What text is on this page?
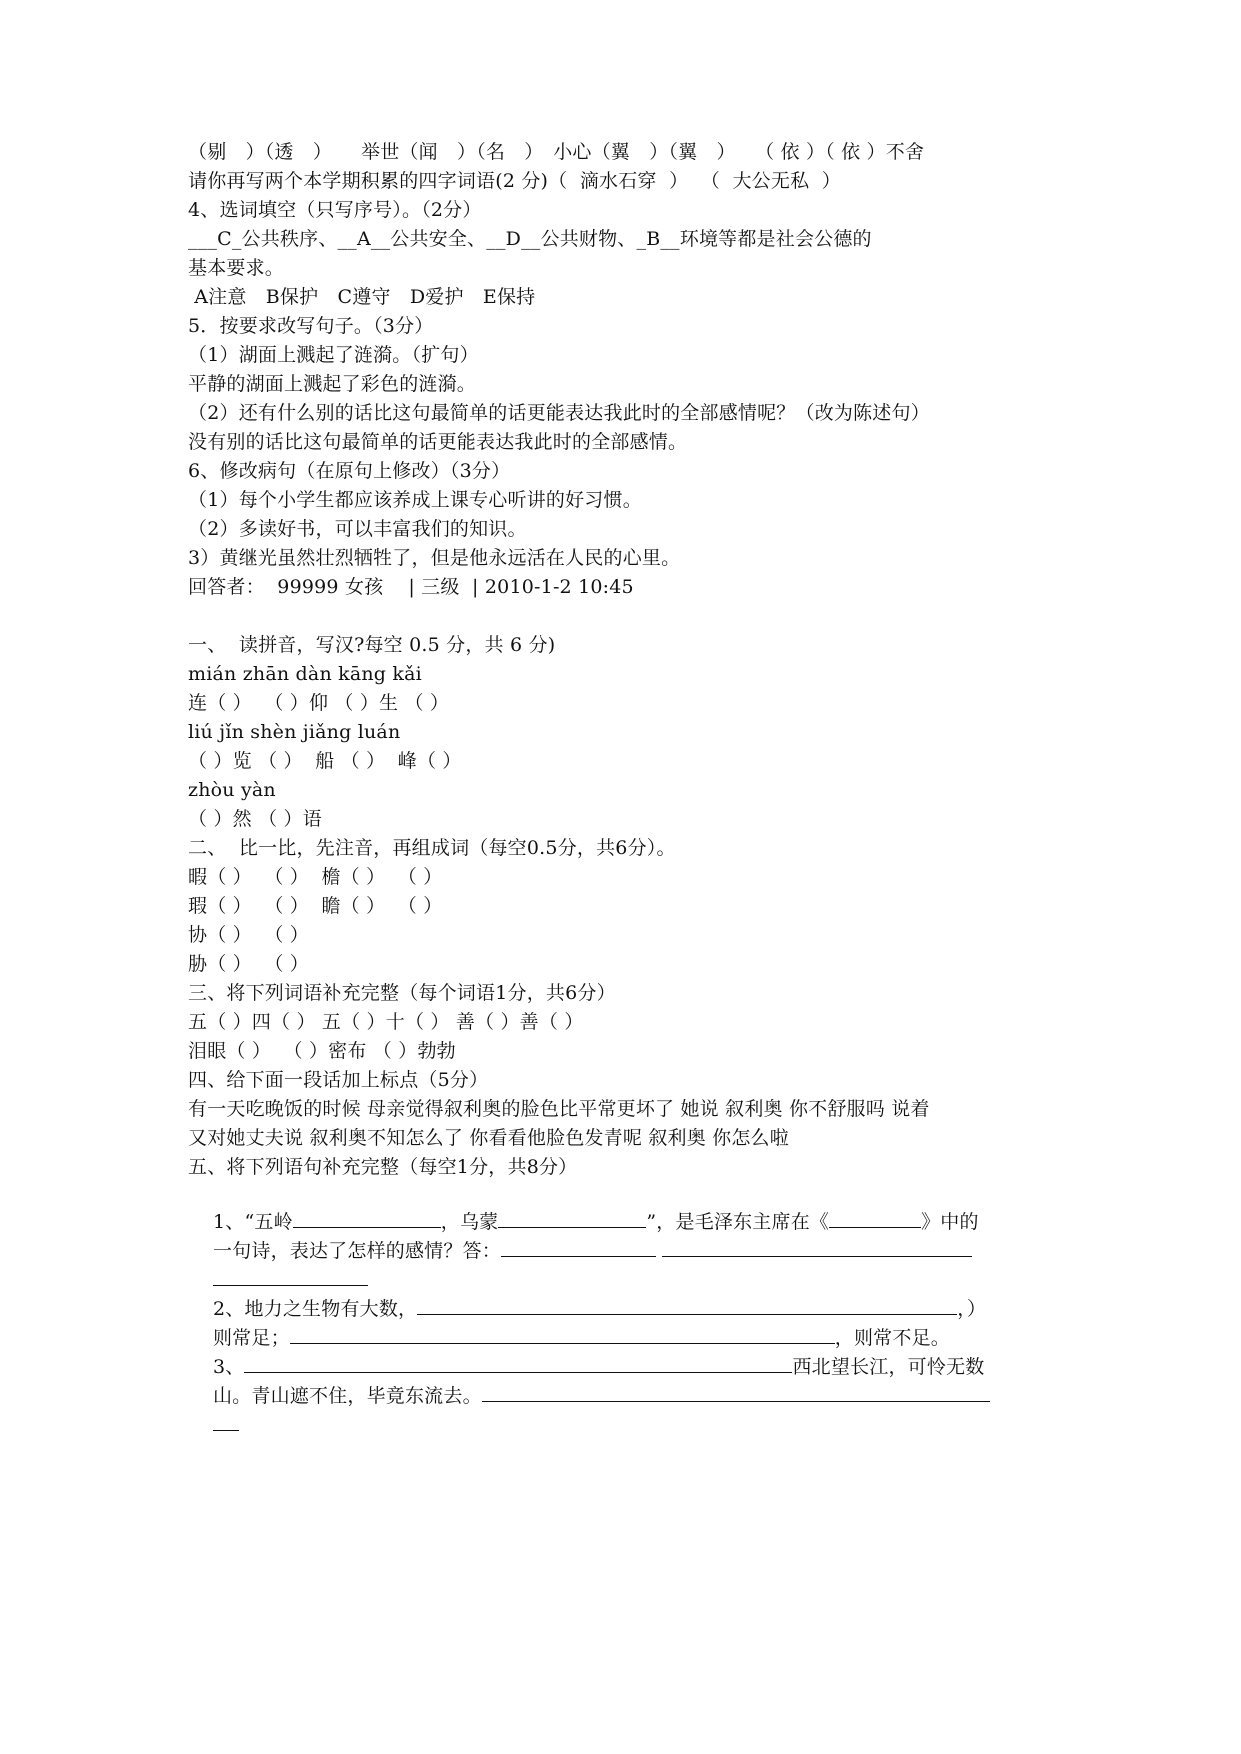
（剔　）（透　）　　举世（闻　）（名　）　小心（翼　）（翼　）　　（ 依 ）（ 依 ）不舍
请你再写两个本学期积累的四字词语(2 分)（  滴水石穿  ）  （  大公无私  ）
4、选词填空（只写序号）。（2分）
___C_公共秩序、__A__公共安全、__D__公共财物、_B__环境等都是社会公德的
基本要求。
A注意　B保护　C遵守　D爱护　E保持
5．按要求改写句子。（3分）
（1）湖面上溅起了涟漪。（扩句）
平静的湖面上溅起了彩色的涟漪。
（2）还有什么别的话比这句最简单的话更能表达我此时的全部感情呢？（改为陈述句）
没有别的话比这句最简单的话更能表达我此时的全部感情。
6、修改病句（在原句上修改）（3分）
（1）每个小学生都应该养成上课专心听讲的好习惯。
（2）多读好书，可以丰富我们的知识。
3）黄继光虽然壮烈牺牲了，但是他永远活在人民的心里。
回答者：  99999 女孩    | 三级  | 2010-1-2 10:45
一、  读拼音，写汉?每空 0.5 分，共 6 分)
mián zhān dàn kāng kǎi
连（ ）  （ ）仰 （ ）生 （ ）
liú jǐn shèn jiǎng luán
（ ）览 （ ）  船 （ ）  峰（ ）
zhòu yàn
（ ）然 （ ）语
二、  比一比，先注音，再组成词（每空0.5分，共6分）。
暇（ ）  （ ）  檐（ ）  （ ）
瑕（ ）  （ ）  瞻（ ）  （ ）
协（ ）  （ ）
胁（ ）  （ ）
三、将下列词语补充完整（每个词语1分，共6分）
五（ ）四（ ） 五（ ）十（ ） 善（ ）善（ ）
泪眼（ ）  （ ）密布 （ ）勃勃
四、给下面一段话加上标点（5分）
有一天吃晚饭的时候 母亲觉得叙利奥的脸色比平常更坏了 她说 叙利奥 你不舒服吗 说着
又对她丈夫说 叙利奥不知怎么了 你看看他脸色发青呢 叙利奥 你怎么啦
五、将下列语句补充完整（每空1分，共8分）

1、“五岭	，乌蒙	”，是毛泽东主席在《	》中的

一句诗，表达了怎样的感情？答：

2、地力之生物有大数，	，）

则常足；	，则常不足。

3、	西北望长江，可怜无数

山。青山遮不住，毕竟东流去。
